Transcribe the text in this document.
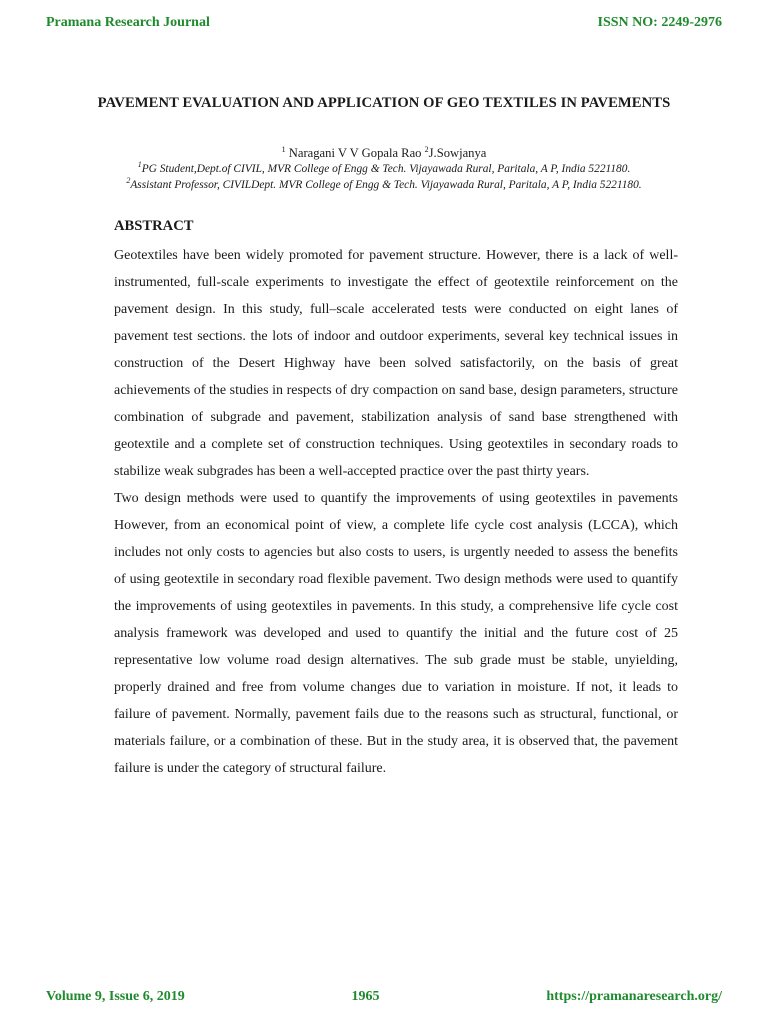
Pramana Research Journal	ISSN NO: 2249-2976
PAVEMENT EVALUATION AND APPLICATION OF GEO TEXTILES IN PAVEMENTS
$^1$ Naragani V V Gopala Rao $^2$J.Sowjanya
$^1$PG Student,Dept.of CIVIL, MVR College of Engg & Tech. Vijayawada Rural, Paritala, A P, India 5221180.
$^2$Assistant Professor, CIVILDept. MVR College of Engg & Tech. Vijayawada Rural, Paritala, A P, India 5221180.
ABSTRACT

Geotextiles have been widely promoted for pavement structure. However, there is a lack of well-instrumented, full-scale experiments to investigate the effect of geotextile reinforcement on the pavement design. In this study, full–scale accelerated tests were conducted on eight lanes of pavement test sections. the lots of indoor and outdoor experiments, several key technical issues in construction of the Desert Highway have been solved satisfactorily, on the basis of great achievements of the studies in respects of dry compaction on sand base, design parameters, structure combination of subgrade and pavement, stabilization analysis of sand base strengthened with geotextile and a complete set of construction techniques. Using geotextiles in secondary roads to stabilize weak subgrades has been a well-accepted practice over the past thirty years.

Two design methods were used to quantify the improvements of using geotextiles in pavements However, from an economical point of view, a complete life cycle cost analysis (LCCA), which includes not only costs to agencies but also costs to users, is urgently needed to assess the benefits of using geotextile in secondary road flexible pavement. Two design methods were used to quantify the improvements of using geotextiles in pavements. In this study, a comprehensive life cycle cost analysis framework was developed and used to quantify the initial and the future cost of 25 representative low volume road design alternatives. The sub grade must be stable, unyielding, properly drained and free from volume changes due to variation in moisture. If not, it leads to failure of pavement. Normally, pavement fails due to the reasons such as structural, functional, or materials failure, or a combination of these. But in the study area, it is observed that, the pavement failure is under the category of structural failure.

Volume 9, Issue 6, 2019	1965	https://pramanaresearch.org/
